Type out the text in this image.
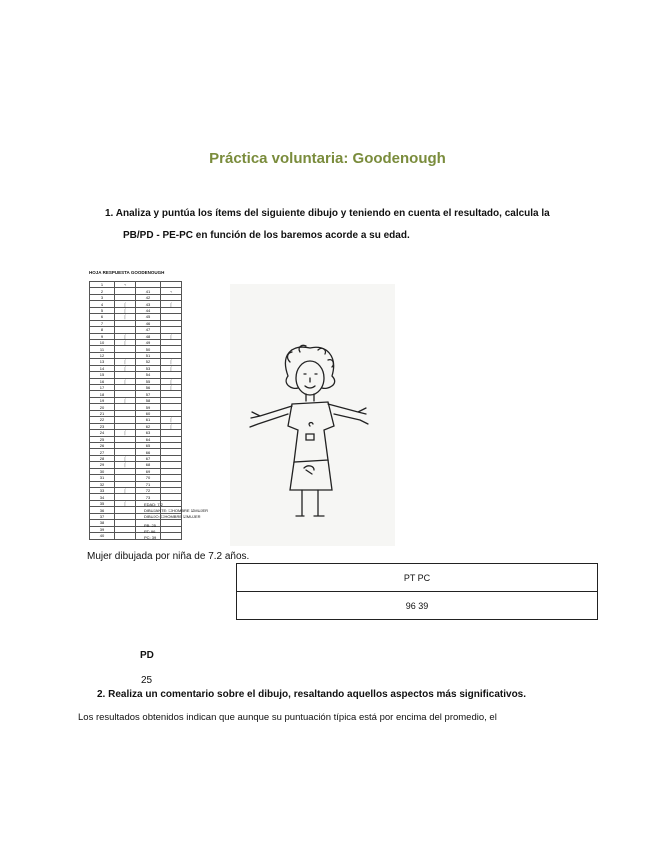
Práctica voluntaria: Goodenough
1. Analiza y puntúa los ítems del siguiente dibujo y teniendo en cuenta el resultado, calcula la
PB/PD - PE-PC en función de los baremos acorde a su edad.
HOJA RESPUESTA GOODENOUGH
1	¬		
2		41	¬
3		42	
4	⌠	43	⌠
5	⌠	44	
6	⌠	45	
7		46	
8		47	
9	⌠	48	⌠
10	⌠	49	
11		50	
12		51	
13	⌠	52	⌠
14	⌠	53	⌠
15		54	
16	⌠	55	⌠
17		56	⌠
18		57	
19	⌠	58	
20		59	
21		60	
22		61	⌠
23		62	⌠
24	⌠	63	
25		64	
26		65	
27		66	
28	⌠	67	
29	⌠	68	
30		69	
31		70	
32		71	
33	⌠	72	
34		73	
35	⌠		
36			
37			
38			
39			
40			
EDAD: 7.2
DIBUJANTE: ☐HOMBRE ☑MUJER
DIBUJO: ☐HOMBRE ☑MUJER
PB: 25
PT: 96
PC: 39
Mujer dibujada por niña de 7.2 años.
PT PC
96 39
PD
25
2. Realiza un comentario sobre el dibujo, resaltando aquellos aspectos más significativos.
Los resultados obtenidos indican que aunque su puntuación típica está por encima del promedio, el
